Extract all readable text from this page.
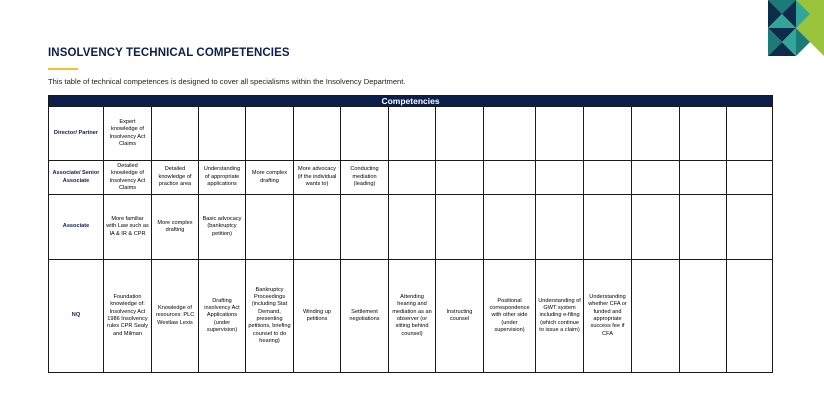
INSOLVENCY TECHNICAL COMPETENCIES
This table of technical competences is designed to cover all specialisms within the Insolvency Department.
Competencies														
Director/ Partner	Expert knowledge of Insolvency Act Claims													
Associate/ Senior Associate	Detailed knowledge of Insolvency Act Claims	Detailed knowledge of practice area	Understanding of appropriate applications	More complex drafting	More advocacy (if the individual wants to)	Conducting mediation (leading)								
Associate	More familiar with Law such as IA & IR & CPR	More complex drafting	Basic advocacy (bankruptcy petition)											
NQ	Foundation knowledge of: Insolvency Act 1986 Insolvency rules CPR Sealy and Milman	Knowledge of resources: PLC Westlaw Lexis	Drafting insolvency Act Applications (under supervision)	Bankruptcy Proceedings (including Stat Demand, presenting petitions, briefing counsel to do hearing)	Winding up petitions	Settlement negotiations	Attending hearing and mediation as an observer (or sitting behind counsel)	Instructing counsel	Positional correspondence with other side (under supervision)	Understanding of GWT system including e-filing (which continue to issue a claim)	Understanding whether CFA or funded and appropriate success fee if CFA			
